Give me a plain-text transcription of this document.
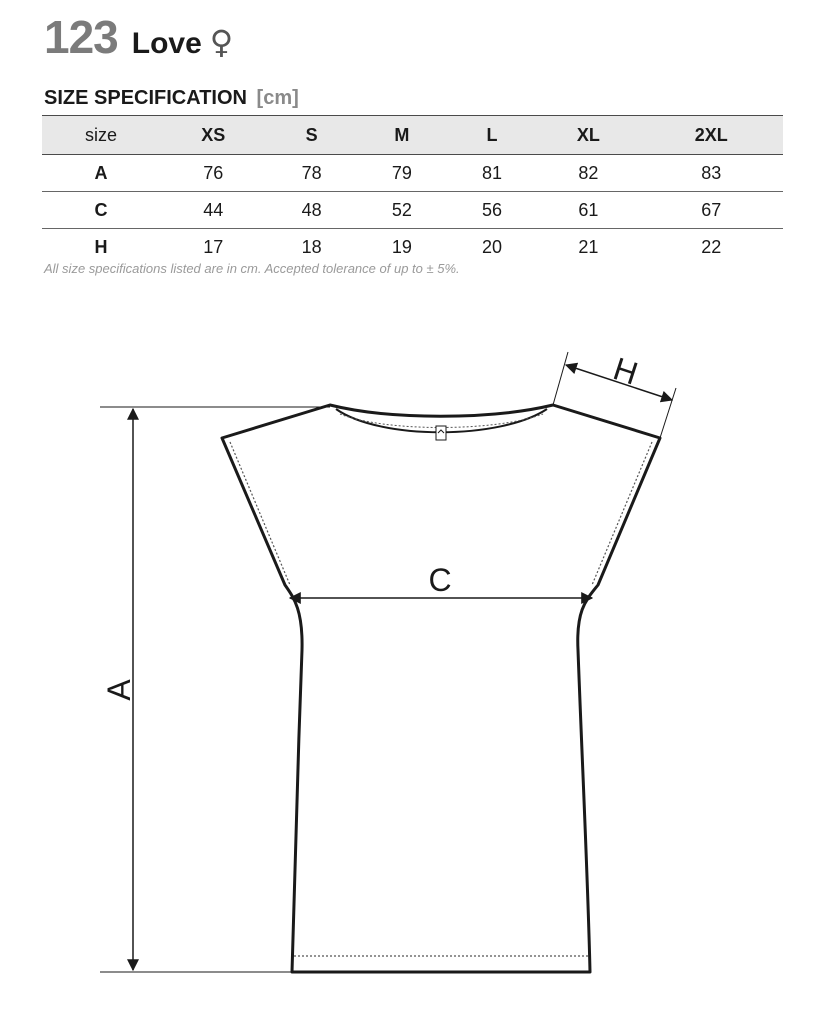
123 Love ♀
SIZE SPECIFICATION [cm]
size	XS	S	M	L	XL	2XL
A	76	78	79	81	82	83
C	44	48	52	56	61	67
H	17	18	19	20	21	22
All size specifications listed are in cm. Accepted tolerance of up to ± 5%.
A
C
H
